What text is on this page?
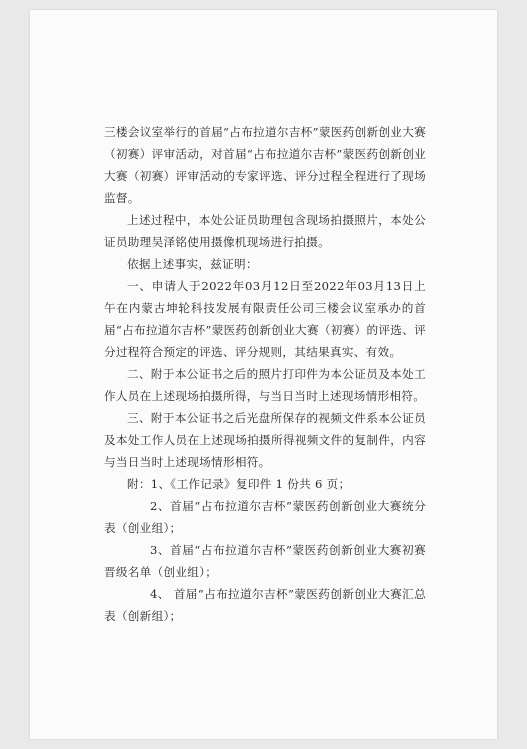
三楼会议室举行的首届“占布拉道尔吉杯”蒙医药创新创业大赛（初赛）评审活动，对首届“占布拉道尔吉杯”蒙医药创新创业大赛（初赛）评审活动的专家评选、评分过程全程进行了现场监督。

上述过程中，本处公证员助理包含现场拍摄照片，本处公证员助理吴泽铭使用摄像机现场进行拍摄。

依据上述事实，兹证明：

一、申请人于2022年03月12日至2022年03月13日上午在内蒙古坤轮科技发展有限责任公司三楼会议室承办的首届“占布拉道尔吉杯”蒙医药创新创业大赛（初赛）的评选、评分过程符合预定的评选、评分规则，其结果真实、有效。

二、附于本公证书之后的照片打印件为本公证员及本处工作人员在上述现场拍摄所得，与当日当时上述现场情形相符。

三、附于本公证书之后光盘所保存的视频文件系本公证员及本处工作人员在上述现场拍摄所得视频文件的复制件，内容与当日当时上述现场情形相符。

附：1、《工作记录》复印件 1 份共 6 页；

2、首届“占布拉道尔吉杯”蒙医药创新创业大赛统分表（创业组）；

3、首届“占布拉道尔吉杯”蒙医药创新创业大赛初赛晋级名单（创业组）；

4、 首届“占布拉道尔吉杯”蒙医药创新创业大赛汇总表（创新组）；
